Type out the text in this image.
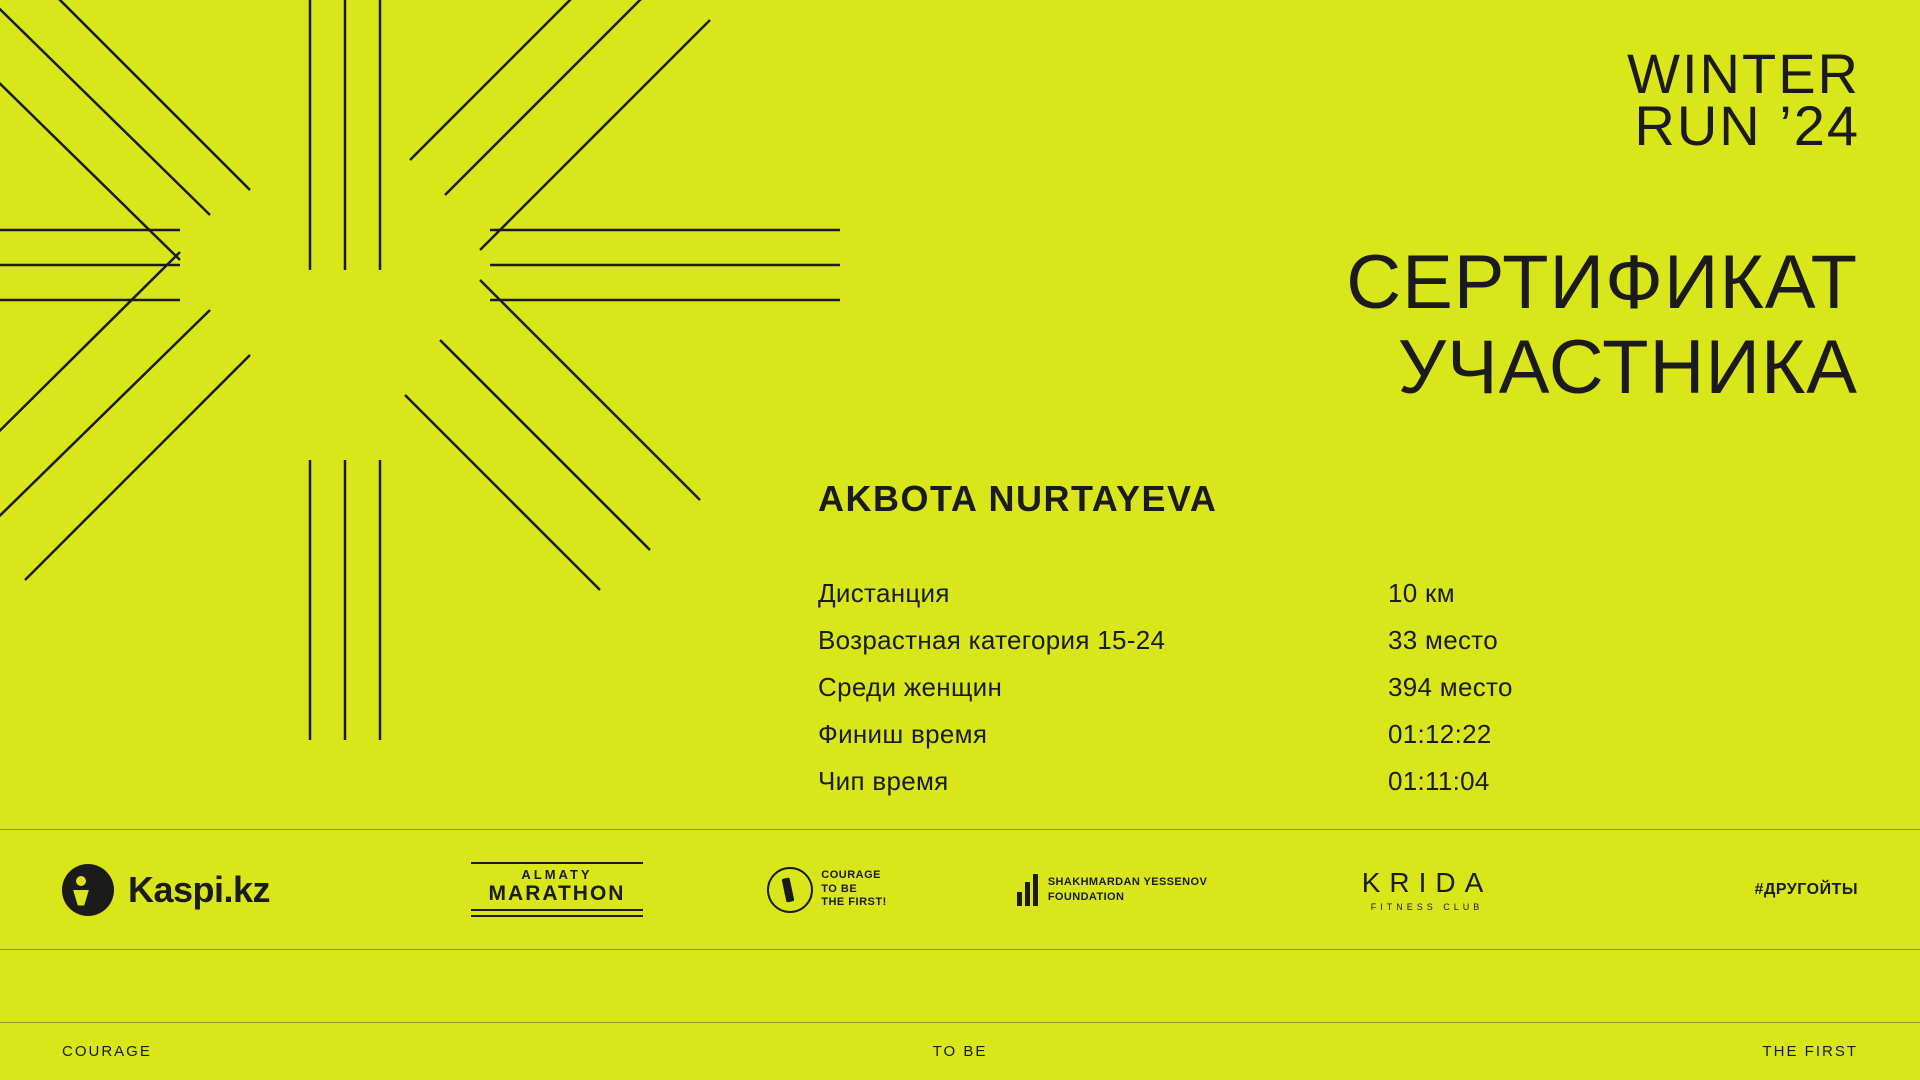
WINTER
RUN ’24
СЕРТИФИКАТ
УЧАСТНИКА
AKBOTA NURTAYEVA
Дистанция	10 км
Возрастная категория 15-24	33 место
Среди женщин	394 место
Финиш время	01:12:22
Чип время	01:11:04
Kaspi.kz	ALMATY
MARATHON
COURAGE
TO BE
THE FIRST!
SHAKHMARDAN YESSENOV
FOUNDATION	KRIDA
FITNESS CLUB
#ДРУГОЙТЫ
COURAGE	TO BE	THE FIRST
